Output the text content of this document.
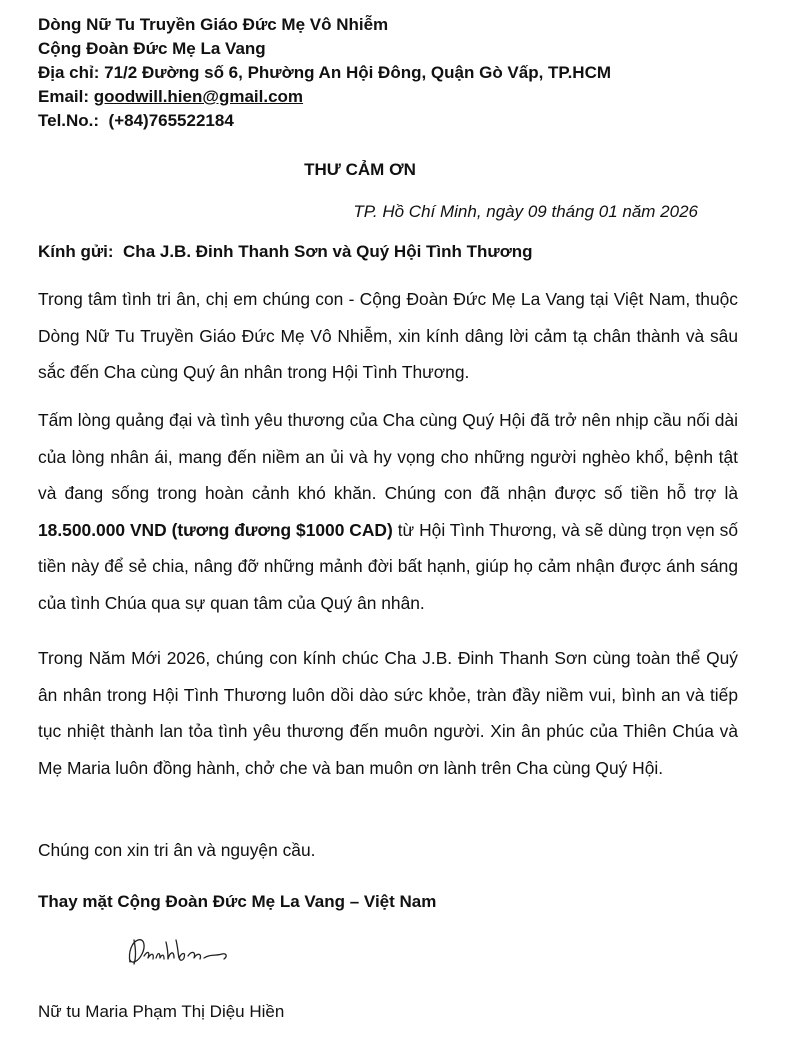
Dòng Nữ Tu Truyền Giáo Đức Mẹ Vô Nhiễm
Cộng Đoàn Đức Mẹ La Vang
Địa chỉ: 71/2 Đường số 6, Phường An Hội Đông, Quận Gò Vấp, TP.HCM
Email: goodwill.hien@gmail.com
Tel.No.: (+84)765522184
THƯ CẢM ƠN
TP. Hồ Chí Minh, ngày 09 tháng 01 năm 2026
Kính gửi: Cha J.B. Đinh Thanh Sơn và Quý Hội Tình Thương

Trong tâm tình tri ân, chị em chúng con - Cộng Đoàn Đức Mẹ La Vang tại Việt Nam, thuộc Dòng Nữ Tu Truyền Giáo Đức Mẹ Vô Nhiễm, xin kính dâng lời cảm tạ chân thành và sâu sắc đến Cha cùng Quý ân nhân trong Hội Tình Thương.

Tấm lòng quảng đại và tình yêu thương của Cha cùng Quý Hội đã trở nên nhịp cầu nối dài của lòng nhân ái, mang đến niềm an ủi và hy vọng cho những người nghèo khổ, bệnh tật và đang sống trong hoàn cảnh khó khăn. Chúng con đã nhận được số tiền hỗ trợ là 18.500.000 VND (tương đương $1000 CAD) từ Hội Tình Thương, và sẽ dùng trọn vẹn số tiền này để sẻ chia, nâng đỡ những mảnh đời bất hạnh, giúp họ cảm nhận được ánh sáng của tình Chúa qua sự quan tâm của Quý ân nhân.

Trong Năm Mới 2026, chúng con kính chúc Cha J.B. Đinh Thanh Sơn cùng toàn thể Quý ân nhân trong Hội Tình Thương luôn dồi dào sức khỏe, tràn đầy niềm vui, bình an và tiếp tục nhiệt thành lan tỏa tình yêu thương đến muôn người. Xin ân phúc của Thiên Chúa và Mẹ Maria luôn đồng hành, chở che và ban muôn ơn lành trên Cha cùng Quý Hội.

Chúng con xin tri ân và nguyện cầu.

Thay mặt Cộng Đoàn Đức Mẹ La Vang – Việt Nam
Nữ tu Maria Phạm Thị Diệu Hiền
